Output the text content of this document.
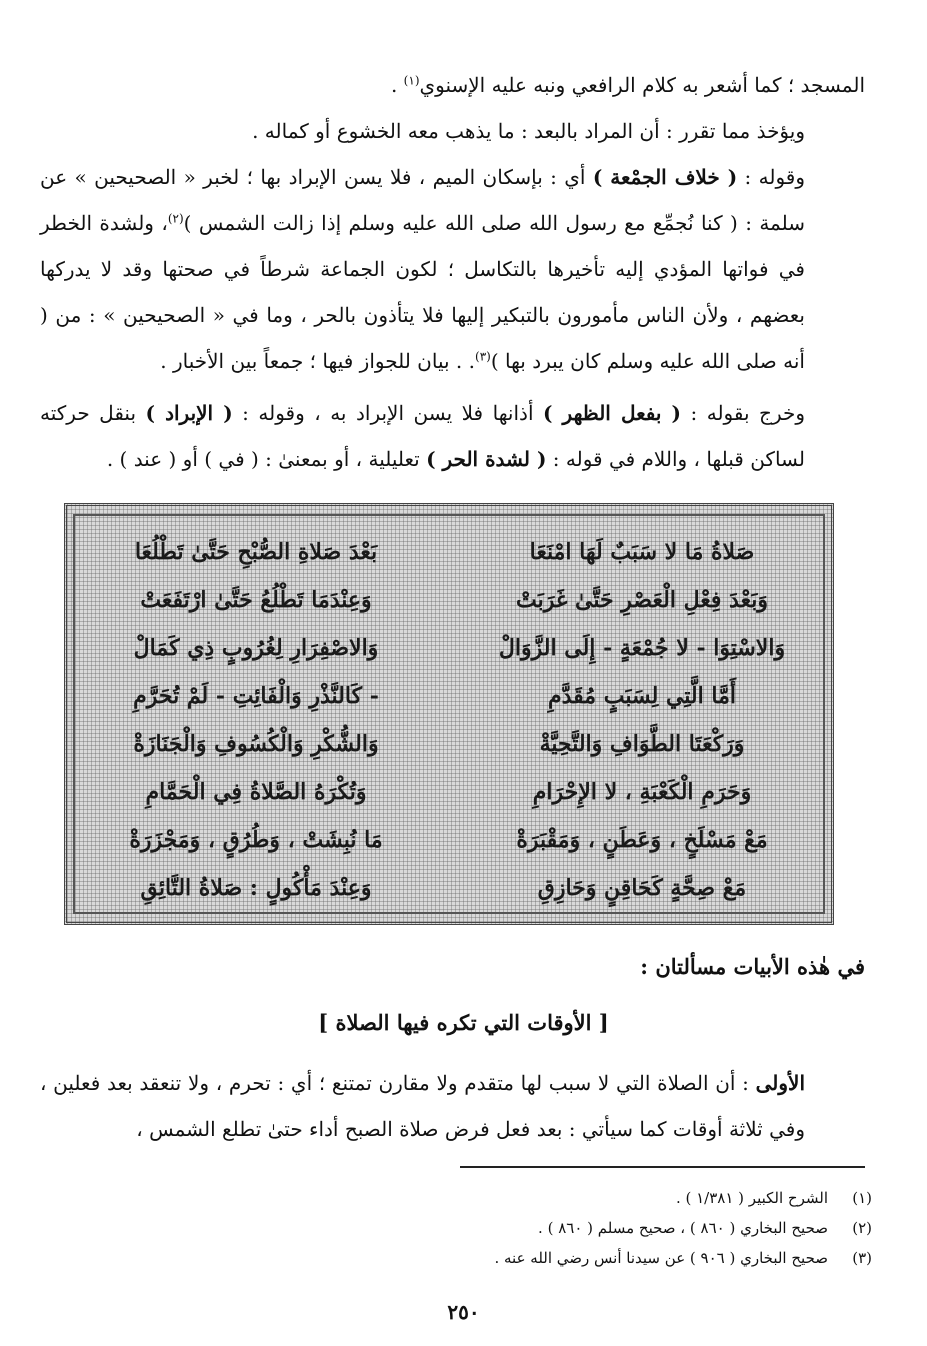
المسجد ؛ كما أشعر به كلام الرافعي ونبه عليه الإسنوي$^{(١)}$ .

ويؤخذ مما تقرر : أن المراد بالبعد : ما يذهب معه الخشوع أو كماله .

وقوله : ( خلاف الجمْعة ) أي : بإسكان الميم ، فلا يسن الإبراد بها ؛ لخبر « الصحيحين » عن سلمة : ( كنا نُجمِّع مع رسول الله صلى الله عليه وسلم إذا زالت الشمس )$^{(٢)}$، ولشدة الخطر في فواتها المؤدي إليه تأخيرها بالتكاسل ؛ لكون الجماعة شرطاً في صحتها وقد لا يدركها بعضهم ، ولأن الناس مأمورون بالتبكير إليها فلا يتأذون بالحر ، وما في « الصحيحين » : من ( أنه صلى الله عليه وسلم كان يبرد بها )$^{(٣)}$. . بيان للجواز فيها ؛ جمعاً بين الأخبار .

وخرج بقوله : ( بفعل الظهر ) أذانها فلا يسن الإبراد به ، وقوله : ( الإبراد ) بنقل حركته لساكن قبلها ، واللام في قوله : ( لشدة الحر ) تعليلية ، أو بمعنىٰ : ( في ) أو ( عند ) .

صَلاةُ مَا لا سَبَبٌ لَهَا امْنَعَا
بَعْدَ صَلاةِ الصُّبْحِ حَتَّىٰ تَطْلُعَا
وَبَعْدَ فِعْلِ الْعَصْرِ حَتَّىٰ غَرَبَتْ
وَعِنْدَمَا تَطْلُعُ حَتَّىٰ ارْتَفَعَتْ
وَالاسْتِوَا - لا جُمْعَةٍ - إِلَى الزَّوَالْ
وَالاصْفِرَارِ لِغُرُوبٍ ذِي كَمَالْ
أَمَّا الَّتِي لِسَبَبٍ مُقَدَّمِ
- كَالنَّذْرِ وَالْفَائِتِ - لَمْ تُحَرَّمِ
وَرَكْعَتَا الطَّوَافِ وَالتَّحِيَّةْ
وَالشُّكْرِ وَالْكُسُوفِ وَالْجَنَازَةْ
وَحَرَمِ الْكَعْبَةِ ، لا الإِحْرَامِ
وَتُكْرَهُ الصَّلاةُ فِي الْحَمَّامِ
مَعْ مَسْلَخٍ ، وَعَطَنٍ ، وَمَقْبَرَةْ
مَا نُبِشَتْ ، وَطُرُقٍ ، وَمَجْزَرَةْ
مَعْ صِحَّةٍ كَحَاقِنٍ وَحَازِقِ
وَعِنْدَ مَأْكُولٍ : صَلاةُ التَّائِقِ
في هٰذه الأبيات مسألتان :
[ الأوقات التي تكره فيها الصلاة ]

الأولى : أن الصلاة التي لا سبب لها متقدم ولا مقارن تمتنع ؛ أي : تحرم ، ولا تنعقد بعد فعلين ، وفي ثلاثة أوقات كما سيأتي : بعد فعل فرض صلاة الصبح أداء حتىٰ تطلع الشمس ،

(١)الشرح الكبير ( ١/٣٨١ ) .
(٢)صحيح البخاري ( ٨٦٠ ) ، صحيح مسلم ( ٨٦٠ ) .
(٣)صحيح البخاري ( ٩٠٦ ) عن سيدنا أنس رضي الله عنه .
٢٥٠
